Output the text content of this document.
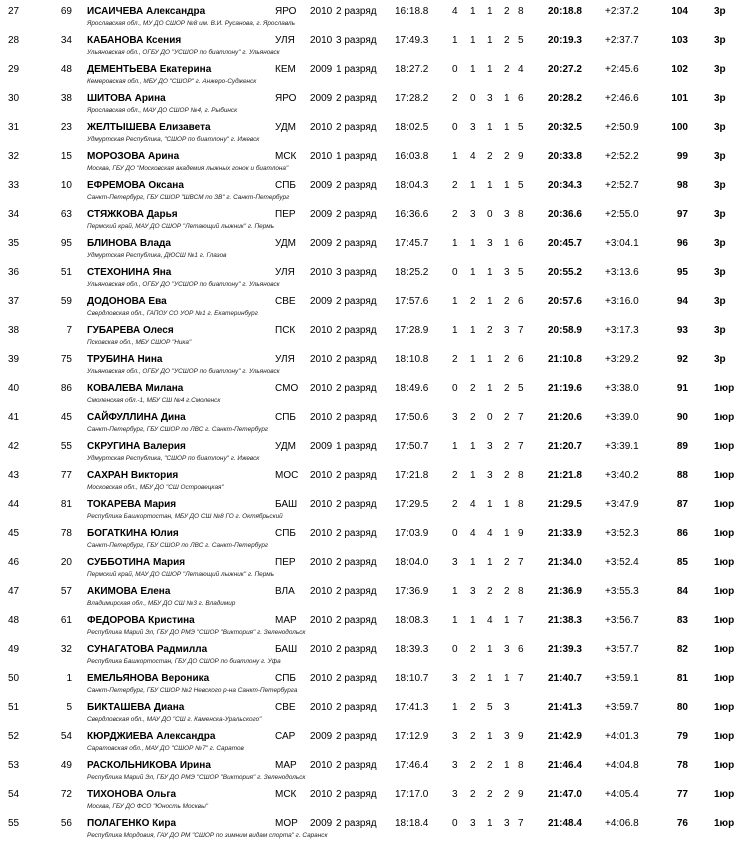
27	69 ИСАИЧЕВА Александра
Ярославская обл., МУ ДО СШОР №8 им. В.И. Русанова, г. Ярославль
ЯРО 2010 2 разряд 16:18.8 4 1 1 2 8 20:18.8 +2:37.2	104	3р
28	34 КАБАНОВА Ксения
Ульяновская обл., ОГБУ ДО "УСШОР по биатлону" г. Ульяновск
УЛЯ 2010 3 разряд 17:49.3 1 1 1 2 5 20:19.3 +2:37.7	103	3р
29	48 ДЕМЕНТЬЕВА Екатерина
Кемеровская обл., МБУ ДО "СШОР" г. Анжеро-Судженск
КЕМ 2009 1 разряд 18:27.2 0 1 1 2 4 20:27.2 +2:45.6	102	3р
30	38 ШИТОВА Арина
Ярославская обл., МАУ ДО СШОР №4, г. Рыбинск
ЯРО 2009 2 разряд 17:28.2 2 0 3 1 6 20:28.2 +2:46.6	101	3р
31	23 ЖЕЛТЫШЕВА Елизавета
Удмуртская Республика, "СШОР по биатлону" г. Ижевск
УДМ 2010 2 разряд 18:02.5 0 3 1 1 5 20:32.5 +2:50.9	100	3р
32	15 МОРОЗОВА Арина
Москва, ГБУ ДО "Московская академия лыжных гонок и биатлона"
МСК 2010 1 разряд 16:03.8 1 4 2 2 9 20:33.8 +2:52.2	99	3р
33	10 ЕФРЕМОВА Оксана
Санкт-Петербург, ГБУ СШОР "ШВСМ по ЗВ" г. Санкт-Петербург
СПБ 2009 2 разряд 18:04.3 2 1 1 1 5 20:34.3 +2:52.7	98	3р
34	63 СТЯЖКОВА Дарья
Пермский край, МАУ ДО СШОР "Летающий лыжник" г. Пермь
ПЕР 2009 2 разряд 16:36.6 2 3 0 3 8 20:36.6 +2:55.0	97	3р
35	95 БЛИНОВА Влада
Удмуртская Республика, ДЮСШ №1 г. Глазов
УДМ 2009 2 разряд 17:45.7 1 1 3 1 6 20:45.7 +3:04.1	96	3р
36	51 СТЕХОНИНА Яна
Ульяновская обл., ОГБУ ДО "УСШОР по биатлону" г. Ульяновск
УЛЯ 2010 3 разряд 18:25.2 0 1 1 3 5 20:55.2 +3:13.6	95	3р
37	59 ДОДОНОВА Ева
Свердловская обл., ГАПОУ СО УОР №1 г. Екатеринбург
СВЕ 2009 2 разряд 17:57.6 1 2 1 2 6 20:57.6 +3:16.0	94	3р
38	7 ГУБАРЕВА Олеся
Псковская обл., МБУ СШОР "Ника"
ПСК 2010 2 разряд 17:28.9 1 1 2 3 7 20:58.9 +3:17.3	93	3р
39	75 ТРУБИНА Нина
Ульяновская обл., ОГБУ ДО "УСШОР по биатлону" г. Ульяновск
УЛЯ 2010 2 разряд 18:10.8 2 1 1 2 6 21:10.8 +3:29.2	92	3р
40	86 КОВАЛЕВА Милана
Смоленская обл.-1, МБУ СШ №4 г.Смоленск
СМО 2010 2 разряд 18:49.6 0 2 1 2 5 21:19.6 +3:38.0	91	1юр
41	45 САЙФУЛЛИНА Дина
Санкт-Петербург, ГБУ СШОР по ЛВС г. Санкт-Петербург
СПБ 2010 2 разряд 17:50.6 3 2 0 2 7 21:20.6 +3:39.0	90	1юр
42	55 СКРУГИНА Валерия
Удмуртская Республика, "СШОР по биатлону" г. Ижевск
УДМ 2009 1 разряд 17:50.7 1 1 3 2 7 21:20.7 +3:39.1	89	1юр
43	77 САХРАН Виктория
Московская обл., МБУ ДО "СШ Островецкая"
МОС 2010 2 разряд 17:21.8 2 1 3 2 8 21:21.8 +3:40.2	88	1юр
44	81 ТОКАРЕВА Мария
Республика Башкортостан, МБУ ДО СШ №8 ГО г. Октябрьский
БАШ 2010 2 разряд 17:29.5 2 4 1 1 8 21:29.5 +3:47.9	87	1юр
45	78 БОГАТКИНА Юлия
Санкт-Петербург, ГБУ СШОР по ЛВС г. Санкт-Петербург
СПБ 2010 2 разряд 17:03.9 0 4 4 1 9 21:33.9 +3:52.3	86	1юр
46	20 СУББОТИНА Мария
Пермский край, МАУ ДО СШОР "Летающий лыжник" г. Пермь
ПЕР 2010 2 разряд 18:04.0 3 1 1 2 7 21:34.0 +3:52.4	85	1юр
47	57 АКИМОВА Елена
Владимирская обл., МБУ ДО СШ №3 г. Владимир
ВЛА 2010 2 разряд 17:36.9 1 3 2 2 8 21:36.9 +3:55.3	84	1юр
48	61 ФЕДОРОВА Кристина
Республика Марий Эл, ГБУ ДО РМЭ "СШОР "Виктория" г. Зеленодольск
МАР 2010 2 разряд 18:08.3 1 1 4 1 7 21:38.3 +3:56.7	83	1юр
49	32 СУНАГАТОВА Радмилла
Республика Башкортостан, ГБУ ДО СШОР по биатлону г. Уфа
БАШ 2010 2 разряд 18:39.3 0 2 1 3 6 21:39.3 +3:57.7	82	1юр
50	1 ЕМЕЛЬЯНОВА Вероника
Санкт-Петербург, ГБУ СШОР №2 Невского р-на Санкт-Петербурга
СПБ 2010 2 разряд 18:10.7 3 2 1 1 7 21:40.7 +3:59.1	81	1юр
51	5 БИКТАШЕВА Диана
Свердловская обл., МАУ ДО "СШ г. Каменска-Уральского"
СВЕ 2010 2 разряд 17:41.3 1 2 5 3	21:41.3 +3:59.7	80	1юр
52	54 КЮРДЖИЕВА Александра
Саратовская обл., МАУ ДО "СШОР №7" г. Саратов
САР 2009 2 разряд 17:12.9 3 2 1 3 9 21:42.9 +4:01.3	79	1юр
53	49 РАСКОЛЬНИКОВА Ирина
Республика Марий Эл, ГБУ ДО РМЭ "СШОР "Виктория" г. Зеленодольск
МАР 2010 2 разряд 17:46.4 3 2 2 1 8 21:46.4 +4:04.8	78	1юр
54	72 ТИХОНОВА Ольга
Москва, ГБУ ДО ФСО "Юность Москвы"
МСК 2010 2 разряд 17:17.0 3 2 2 2 9 21:47.0 +4:05.4	77	1юр
55	56 ПОЛАГЕНКО Кира
Республика Мордовия, ГАУ ДО РМ "СШОР по зимним видам спорта" г. Саранск
МОР 2009 2 разряд 18:18.4 0 3 1 3 7 21:48.4 +4:06.8	76	1юр
